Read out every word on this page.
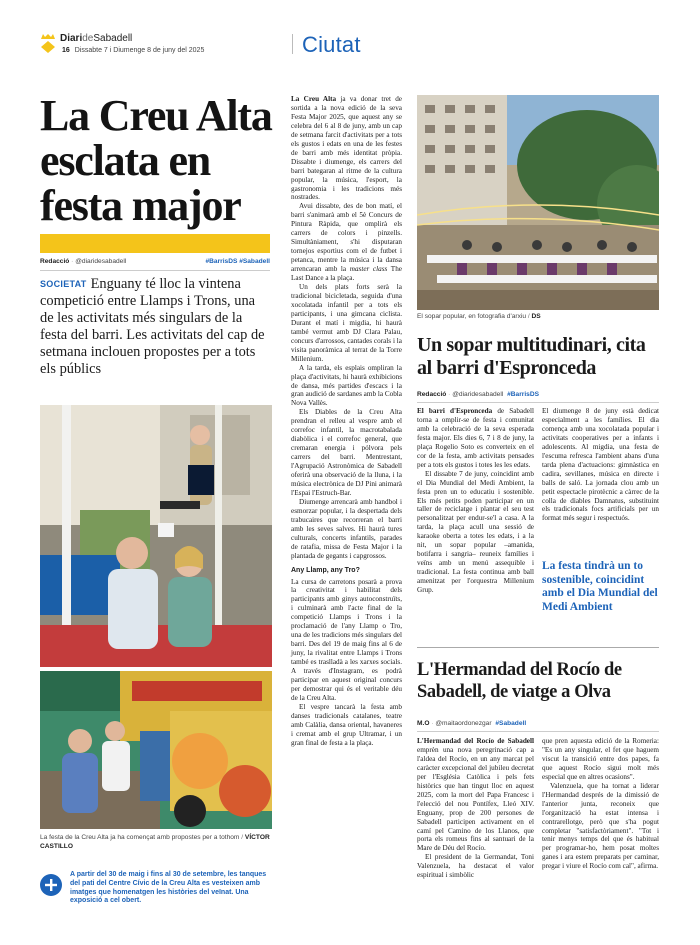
DiarideSabadell
16 Dissabte 7 i Diumenge 8 de juny del 2025	Ciutat
La Creu Alta esclata en festa major
Redacció · @diaridesabadell	#BarrisDS #Sabadell
SOCIETAT Enguany té lloc la vintena competició entre Llamps i Trons, una de les activitats més singulars de la festa del barri. Les activitats del cap de setmana inclouen propostes per a tots els públics
La festa de la Creu Alta ja ha començat amb propostes per a tothom / VÍCTOR CASTILLO
A partir del 30 de maig i fins al 30 de setembre, les tanques del pati del Centre Cívic de la Creu Alta es vesteixen amb imatges que homenatgen les històries del veïnat. Una exposició a cel obert.

La Creu Alta ja va donar tret de sortida a la nova edició de la seva Festa Major 2025, que aquest any se celebra del 6 al 8 de juny, amb un cap de setmana farcit d'activitats per a tots els gustos i edats en una de les festes de barri amb més identitat pròpia. Dissabte i diumenge, els carrers del barri bategaran al ritme de la cultura popular, la música, l'esport, la gastronomia i les tradicions més nostrades.

Avui dissabte, des de bon matí, el barri s'animarà amb el 5è Concurs de Pintura Ràpida, que omplirà els carrers de colors i pinzells. Simultàniament, s'hi disputaran tornejos esportius com el de futbet i petanca, mentre la música i la dansa arrencaran amb la master class The Last Dance a la plaça.

Un dels plats forts serà la tradicional bicicletada, seguida d'una xocolatada infantil per a tots els participants, i una gimcana ciclista. Durant el matí i migdia, hi haurà també vermut amb DJ Clara Palau, concurs d'arrossos, cantades corals i la visita panoràmica al terrat de la Torre Millenium.

A la tarda, els esplais ompliran la plaça d'activitats, hi haurà exhibicions de dansa, més partides d'escacs i la gran audició de sardanes amb la Cobla Nova Vallès.

Els Diables de la Creu Alta prendran el relleu al vespre amb el correfoc infantil, la macrotabalada diabòlica i el correfoc general, que cremaran energia i pólvora pels carrers del barri. Mentrestant, l'Agrupació Astronòmica de Sabadell oferirà una observació de la lluna, i la música electrònica de DJ Pini animarà l'Espai l'Estruch-Bar.

Diumenge arrencarà amb handbol i esmorzar popular, i la despertada dels trabucaires que recorreran el barri amb les seves salves. Hi haurà tures culturals, concerts infantils, parades de ratafia, missa de Festa Major i la plantada de gegants i capgrossos.

Any Llamp, any Tro?

La cursa de carretons posarà a prova la creativitat i habilitat dels participants amb ginys autoconstruïts, i culminarà amb l'acte final de la competició Llamps i Trons i la proclamació de l'any Llamp o Tro, una de les tradicions més singulars del barri. Des del 19 de maig fins al 6 de juny, la rivalitat entre Llamps i Trons també es traslladà a les xarxes socials. A través d'Instagram, es podrà participar en aquest original concurs per demostrar qui és el veritable déu de la Creu Alta.

El vespre tancarà la festa amb danses tradicionals catalanes, teatre amb Calàlia, dansa oriental, havaneres i cremat amb el grup Ultramar, i un gran final de festa a la plaça.

El sopar popular, en fotografia d'arxiu / DS
Un sopar multitudinari, cita al barri d'Espronceda
Redacció · @diaridesabadell #BarrisDS

El barri d'Espronceda de Sabadell torna a omplir-se de festa i comunitat amb la celebració de la seva esperada festa major. Els dies 6, 7 i 8 de juny, la plaça Rogelio Soto es converteix en el cor de la festa, amb activitats pensades per a tots els gustos i totes les les edats.

El dissabte 7 de juny, coincidint amb el Dia Mundial del Medi Ambient, la festa pren un to educatiu i sostenible. Els més petits poden participar en un taller de reciclatge i plantar el seu test personalitzat per endur-se'l a casa. A la tarda, la plaça acull una sessió de karaoke oberta a totes les edats, i a la nit, un sopar popular –amanida, botifarra i sangria– reuneix famílies i veïns amb un menú assequible i tradicional. La festa continua amb ball amenitzat per l'orquestra Millenium Grup.

El diumenge 8 de juny està dedicat especialment a les famílies. El dia comença amb una xocolatada popular i activitats cooperatives per a infants i adolescents. Al migdia, una festa de l'escuma refresca l'ambient abans d'una tarda plena d'actuacions: gimnàstica en cadira, sevillanes, música en directe i balls de saló. La jornada clou amb un petit espectacle pirotècnic a càrrec de la colla de diables Damnatus, substituint els tradicionals focs artificials per un format més segur i respectuós.

La festa tindrà un to sostenible, coincidint amb el Dia Mundial del Medi Ambient
L'Hermandad del Rocío de Sabadell, de viatge a Olva
M.O · @maitaordonezgar #Sabadell

L'Hermandad del Rocío de Sabadell emprèn una nova peregrinació cap a l'aldea del Rocío, en un any marcat pel caràcter excepcional del jubileu decretat per l'Església Catòlica i pels fets històrics que han tingut lloc en aquest 2025, com la mort del Papa Francesc i l'elecció del nou Pontífex, Lleó XIV. Enguany, prop de 200 persones de Sabadell participen activament en el camí pel Camino de los Llanos, que porta els romeus fins al santuari de la Mare de Déu del Rocío.

El president de la Germandat, Toni Valenzuela, ha destacat el valor espiritual i simbòlic

que pren aquesta edició de la Romeria: "Es un any singular, el fet que haguem viscut la transició entre dos papes, fa que aquest Rocío sigui molt més especial que en altres ocasions".

Valenzuela, que ha tornat a liderar l'Hermandad després de la dimissió de l'anterior junta, reconeix que l'organització ha estat intensa i contrarellotge, però que s'ha pogut completar "satisfactòriament". "Tot i tenir menys temps del que és habitual per programar-ho, hem posat moltes ganes i ara estem preparats per caminar, pregar i viure el Rocío com cal", afirma.
